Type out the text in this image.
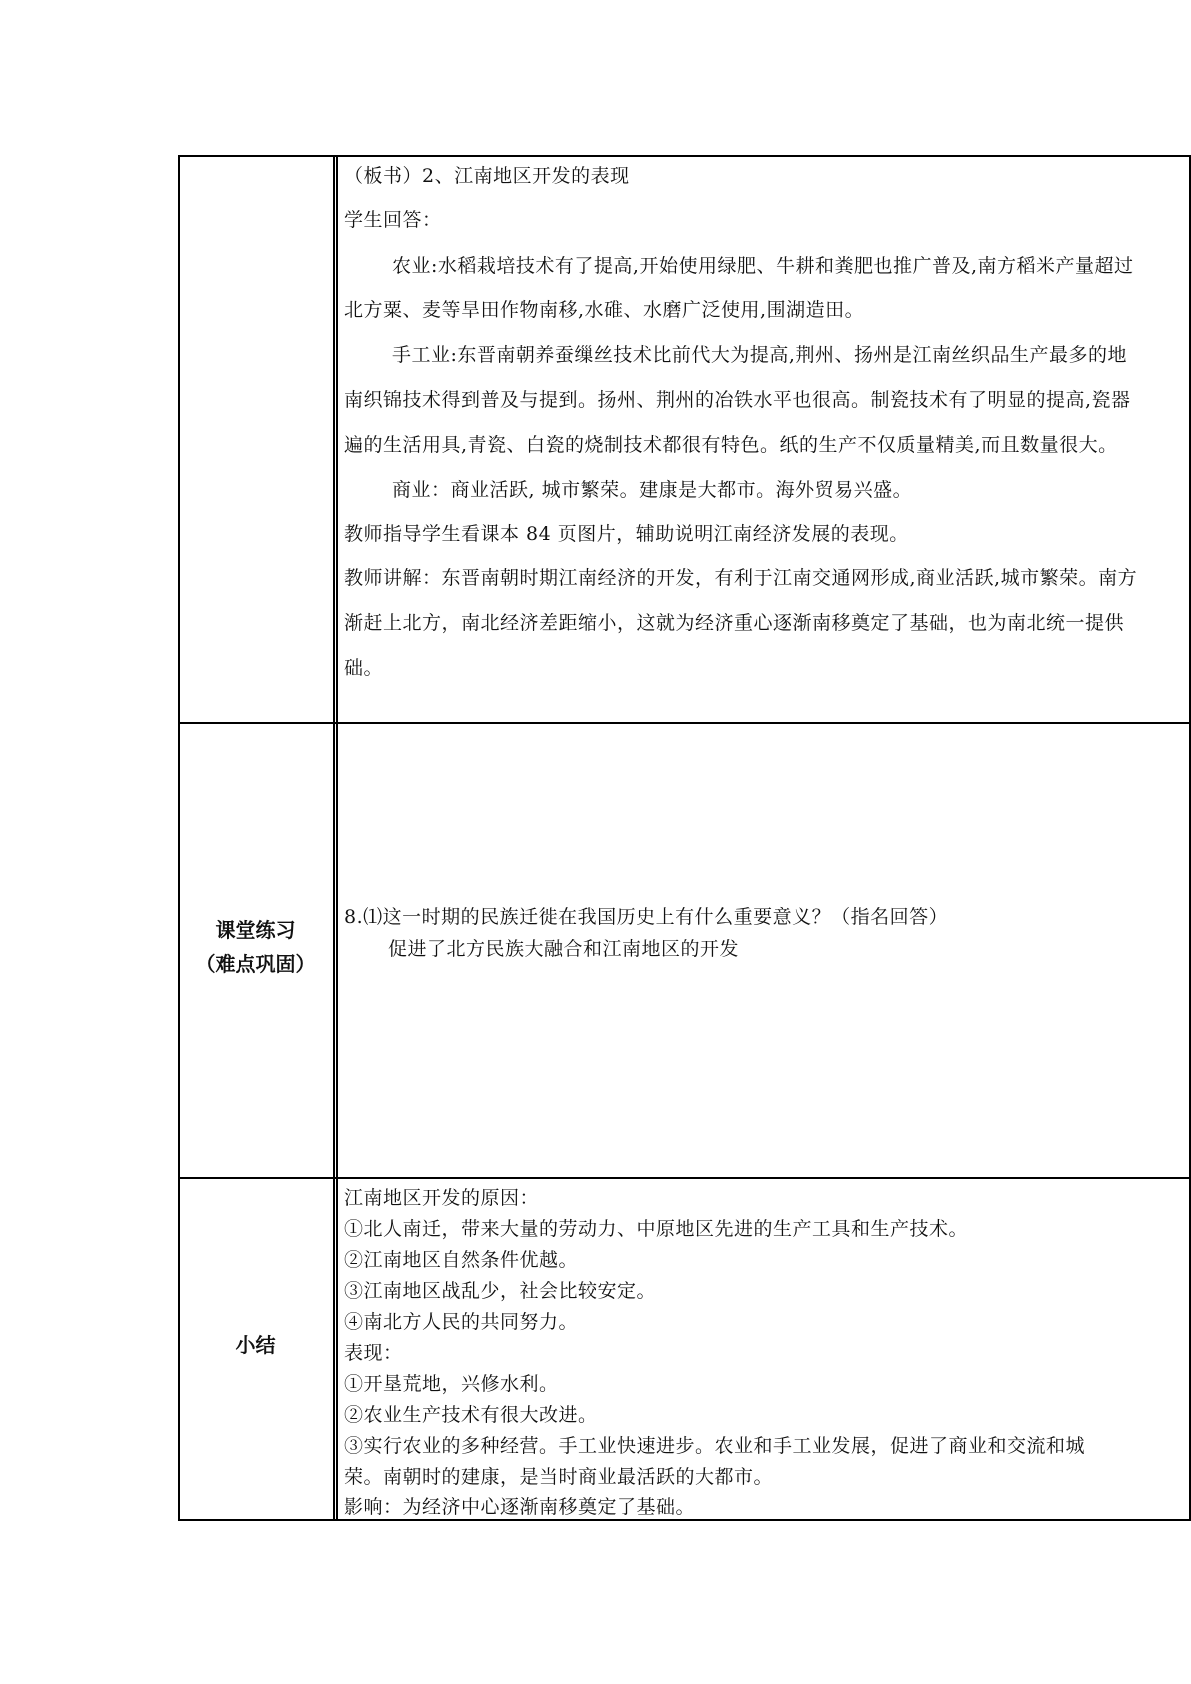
（板书）2、江南地区开发的表现
学生回答：
农业:水稻栽培技术有了提高,开始使用绿肥、牛耕和粪肥也推广普及,南方稻米产量超过
北方粟、麦等旱田作物南移,水碓、水磨广泛使用,围湖造田。
手工业:东晋南朝养蚕缫丝技术比前代大为提高,荆州、扬州是江南丝织品生产最多的地
南织锦技术得到普及与提到。扬州、荆州的冶铁水平也很高。制瓷技术有了明显的提高,瓷器
遍的生活用具,青瓷、白瓷的烧制技术都很有特色。纸的生产不仅质量精美,而且数量很大。
商业：商业活跃, 城市繁荣。建康是大都市。海外贸易兴盛。
教师指导学生看课本 84 页图片，辅助说明江南经济发展的表现。
教师讲解：东晋南朝时期江南经济的开发，有利于江南交通网形成,商业活跃,城市繁荣。南方
渐赶上北方，南北经济差距缩小，这就为经济重心逐渐南移奠定了基础，也为南北统一提供
础。
课堂练习
（难点巩固）
8.⑴这一时期的民族迁徙在我国历史上有什么重要意义？（指名回答）
促进了北方民族大融合和江南地区的开发
小结
江南地区开发的原因：
①北人南迁，带来大量的劳动力、中原地区先进的生产工具和生产技术。
②江南地区自然条件优越。
③江南地区战乱少，社会比较安定。
④南北方人民的共同努力。
表现：
①开垦荒地，兴修水利。
②农业生产技术有很大改进。
③实行农业的多种经营。手工业快速进步。农业和手工业发展，促进了商业和交流和城
荣。南朝时的建康，是当时商业最活跃的大都市。
影响：为经济中心逐渐南移奠定了基础。
